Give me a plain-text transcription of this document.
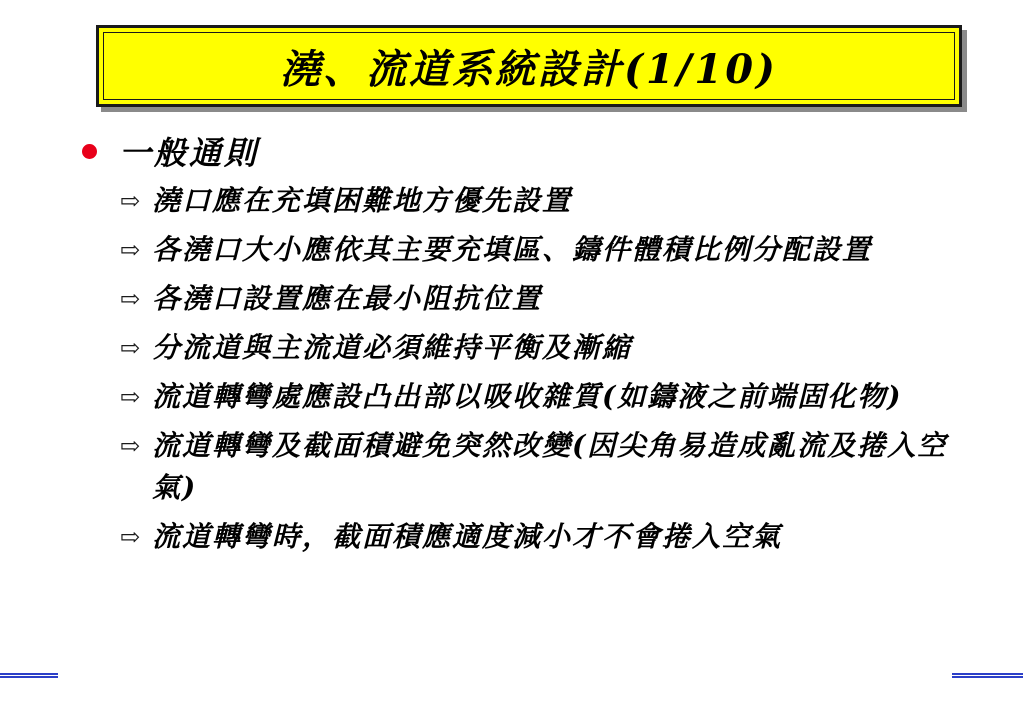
澆、流道系統設計(1/10)
一般通則
⇨ 澆口應在充填困難地方優先設置
⇨ 各澆口大小應依其主要充填區、鑄件體積比例分配設置
⇨ 各澆口設置應在最小阻抗位置
⇨ 分流道與主流道必須維持平衡及漸縮
⇨ 流道轉彎處應設凸出部以吸收雜質(如鑄液之前端固化物)
⇨ 流道轉彎及截面積避免突然改變(因尖角易造成亂流及捲入空氣)
⇨ 流道轉彎時，截面積應適度減小才不會捲入空氣
